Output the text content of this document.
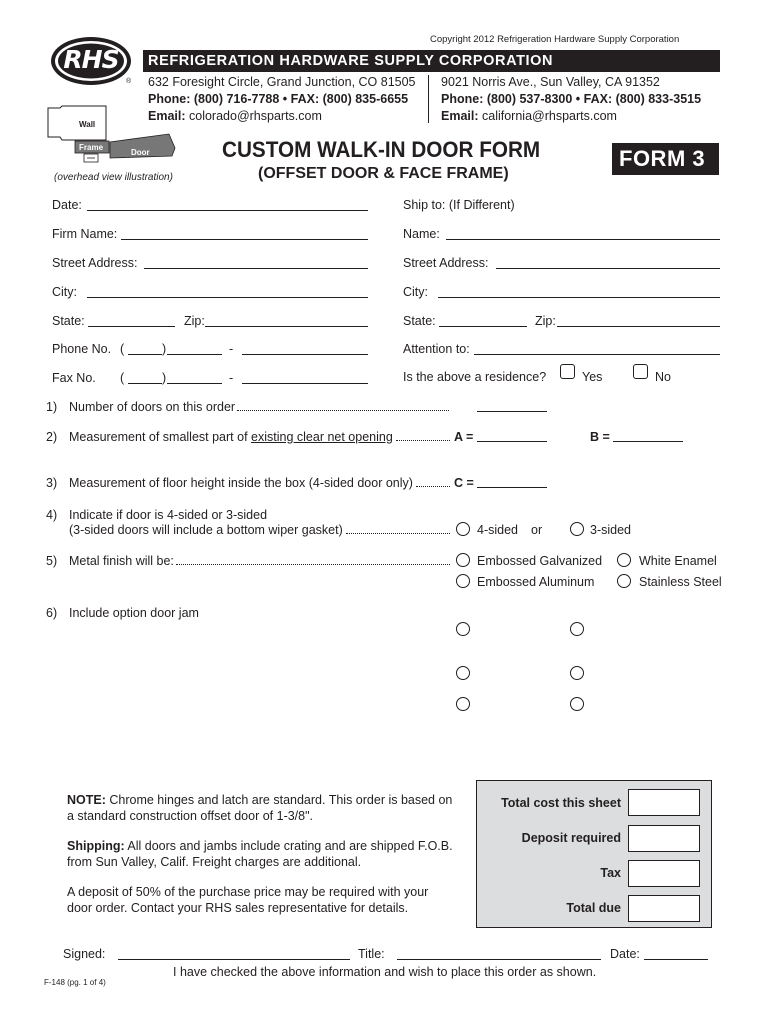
Copyright 2012 Refrigeration Hardware Supply Corporation
RHS
®
REFRIGERATION HARDWARE SUPPLY CORPORATION
632 Foresight Circle, Grand Junction, CO 81505
Phone: (800) 716-7788 • FAX: (800) 835-6655
Email: colorado@rhsparts.com
9021 Norris Ave., Sun Valley, CA 91352
Phone: (800) 537-8300 • FAX: (800) 833-3515
Email: california@rhsparts.com
Wall
Frame
Door
(overhead view illustration)
CUSTOM WALK-IN DOOR FORM
(OFFSET DOOR & FACE FRAME)
FORM 3
Date:
Firm Name:
Street Address:
City:
State:	Zip:
Phone No. (	)	-
Fax No. (	)	-
Ship to: (If Different)
Name:
Street Address:
City:
State:	Zip:
Attention to:
Is the above a residence?	Yes	No
1) Number of doors on this order
2) Measurement of smallest part of existing clear net opening	A =	B =
3) Measurement of floor height inside the box (4-sided door only)	C =
4) Indicate if door is 4-sided or 3-sided
(3-sided doors will include a bottom wiper gasket)	4-sided or	3-sided
5) Metal finish will be:	Embossed Galvanized	White Enamel
Embossed Aluminum	Stainless Steel
6) Include option door jam
NOTE: Chrome hinges and latch are standard. This order is based on
a standard construction offset door of 1-3/8".
Shipping: All doors and jambs include crating and are shipped F.O.B.
from Sun Valley, Calif. Freight charges are additional.
A deposit of 50% of the purchase price may be required with your
door order. Contact your RHS sales representative for details.
Total cost this sheet
Deposit required
Tax
Total due
Signed:	Title:	Date:
I have checked the above information and wish to place this order as shown.
F-148 (pg. 1 of 4)
